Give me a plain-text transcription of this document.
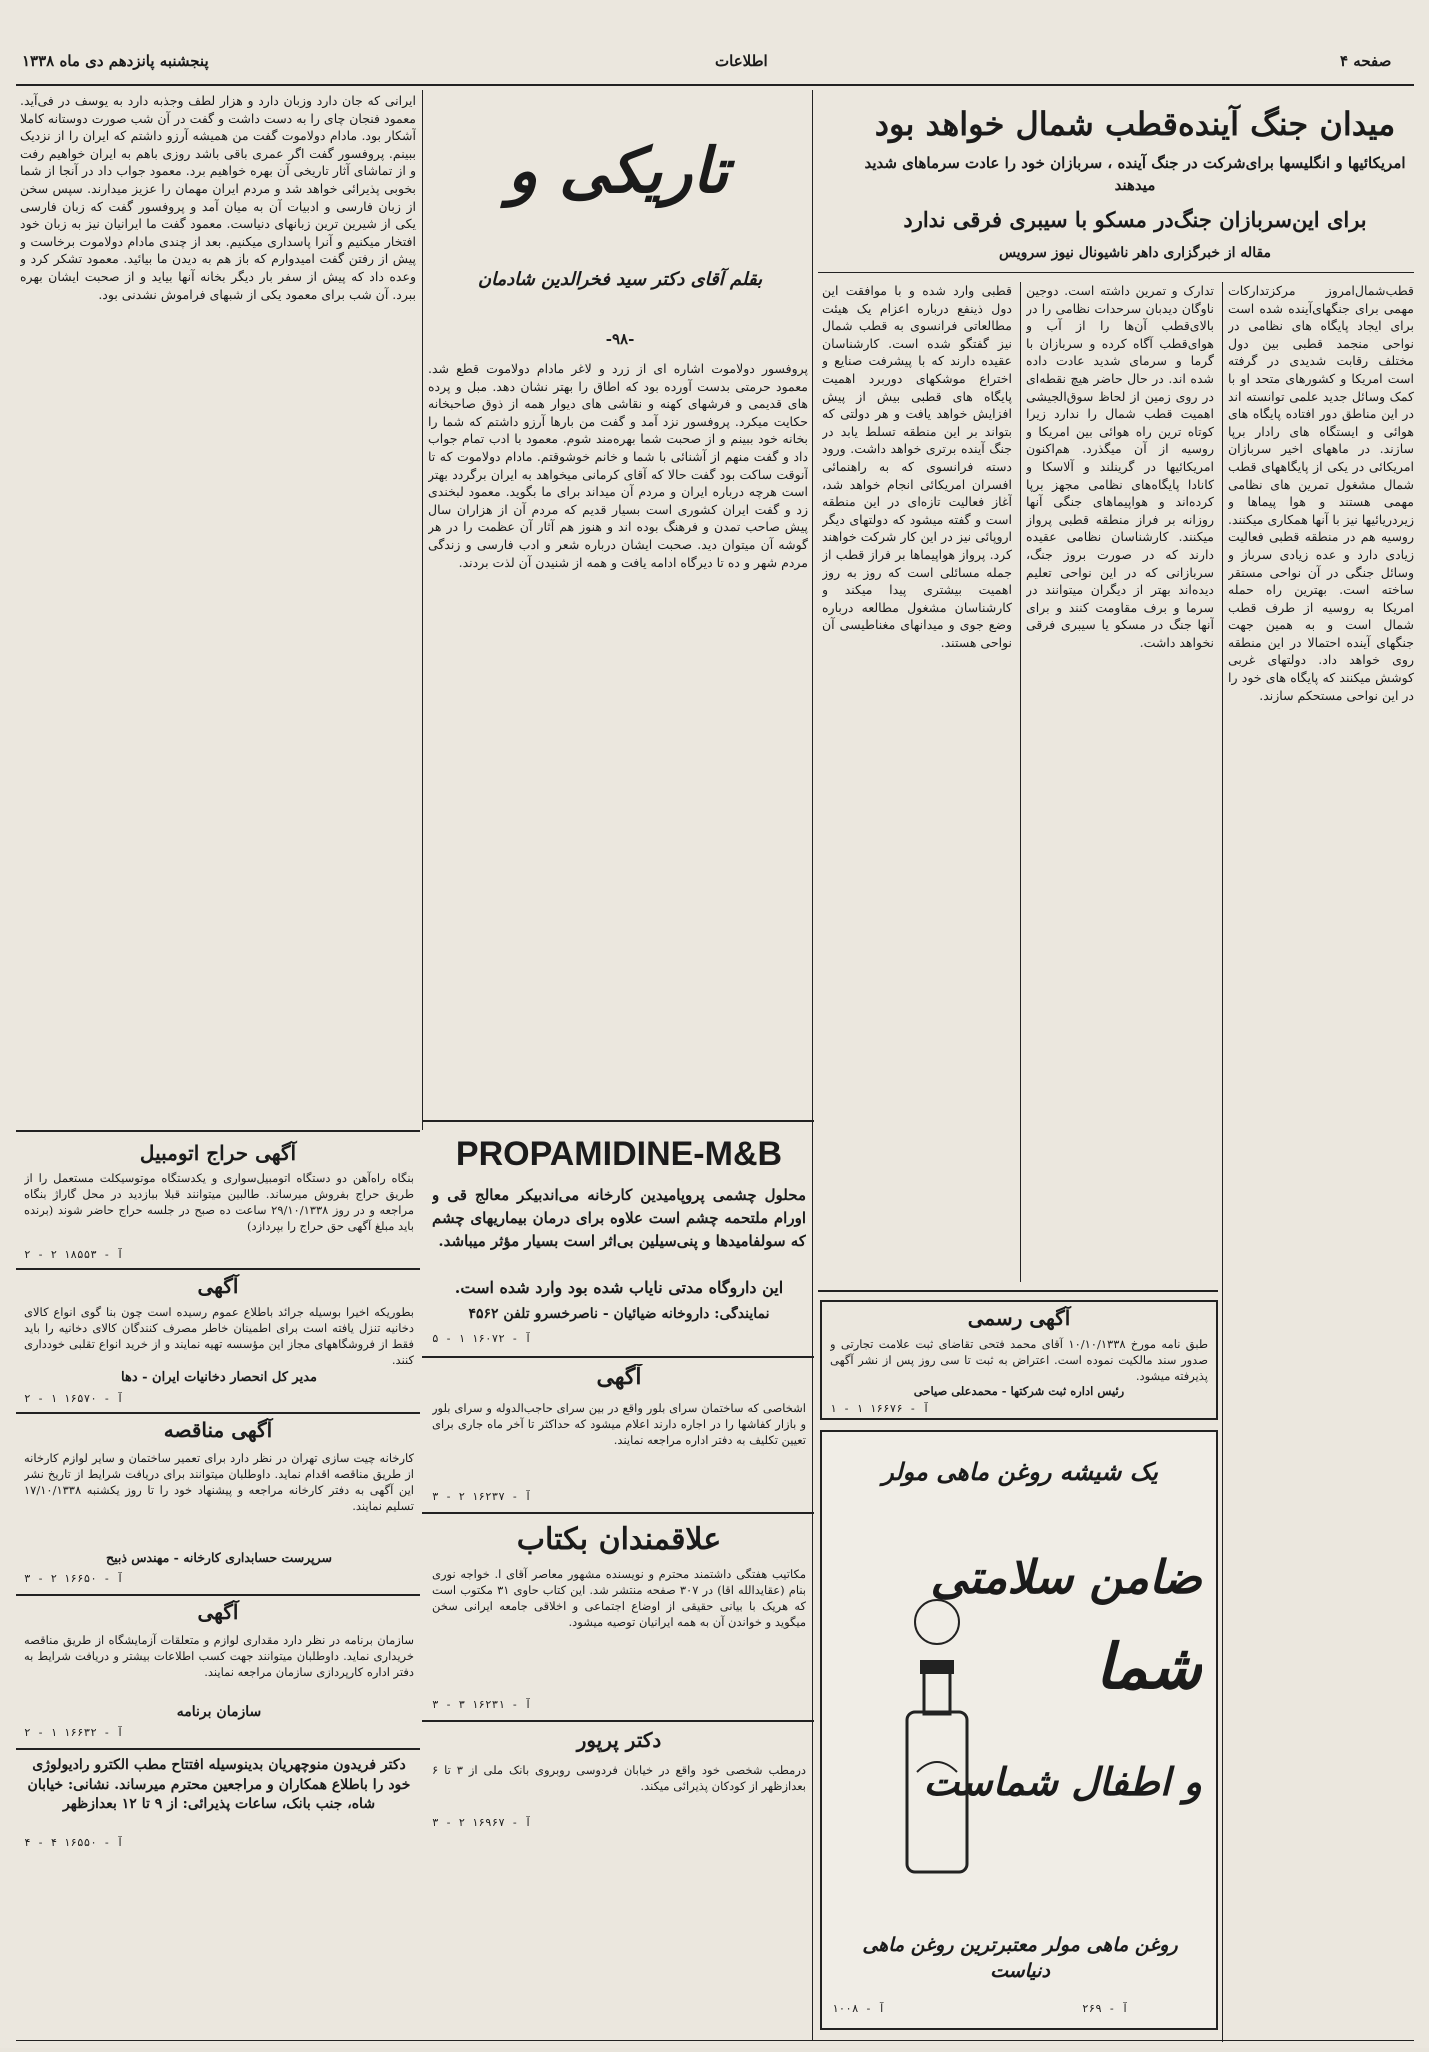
پنجشنبه پانزدهم دی ماه ۱۳۳۸	اطلاعات	صفحه ۴
میدان جنگ آینده‌قطب شمال خواهد بود
امریکائیها و انگلیسها برای‌شرکت در جنگ آینده ، سربازان خود را عادت سرماهای شدید میدهند
برای این‌سربازان جنگ‌در مسکو با سیبری فرقی ندارد
مقاله از خبرگزاری داهر ناشیونال نیوز سرویس
قطب‌شمال‌امروز مرکز‌تدارکات مهمی برای جنگهای‌آینده شده است برای ایجاد پایگاه های نظامی در نواحی منجمد قطبی بین دول مختلف رقابت شدیدی در گرفته است امریکا و کشورهای متحد او با کمک وسائل جدید علمی توانسته اند در این مناطق دور افتاده پایگاه های هوائی و ایستگاه های رادار برپا سازند. در ماههای اخیر سربازان امریکائی در یکی از پایگاههای قطب شمال مشغول تمرین های نظامی مهمی هستند و هوا پیماها و زیردریائیها نیز با آنها همکاری میکنند. روسیه هم در منطقه قطبی فعالیت زیادی دارد و عده زیادی سرباز و وسائل جنگی در آن نواحی مستقر ساخته است. بهترین راه حمله امریکا به روسیه از طرف قطب شمال است و به همین جهت جنگهای آینده احتمالا در این منطقه روی خواهد داد. دولتهای غربی کوشش میکنند که پایگاه های خود را در این نواحی مستحکم سازند.
تدارک و تمرین داشته است. دوجین ناوگان دیدبان سرحدات نظامی را در بالای‌قطب آن‌ها را از آب و هوای‌قطب آگاه کرده و سربازان با گرما و سرمای شدید عادت داده شده اند. در حال حاضر هیچ نقطه‌ای در روی زمین از لحاظ سوق‌الجیشی اهمیت قطب شمال را ندارد زیرا کوتاه ترین راه هوائی بین امریکا و روسیه از آن میگذرد. هم‌اکنون امریکائیها در گرینلند و آلاسکا و کانادا پایگاه‌های نظامی مجهز برپا کرده‌اند و هواپیماهای جنگی آنها روزانه بر فراز منطقه قطبی پرواز میکنند. کارشناسان نظامی عقیده دارند که در صورت بروز جنگ، سربازانی که در این نواحی تعلیم دیده‌اند بهتر از دیگران میتوانند در سرما و برف مقاومت کنند و برای آنها جنگ در مسکو یا سیبری فرقی نخواهد داشت.
قطبی وارد شده و با موافقت این دول ذینفع درباره اعزام یک هیئت مطالعاتی فرانسوی به قطب شمال نیز گفتگو شده است. کارشناسان عقیده دارند که با پیشرفت صنایع و اختراع موشکهای دوربرد اهمیت پایگاه های قطبی بیش از پیش افزایش خواهد یافت و هر دولتی که بتواند بر این منطقه تسلط یابد در جنگ آینده برتری خواهد داشت. ورود دسته فرانسوی که به راهنمائی افسران امریکائی انجام خواهد شد، آغاز فعالیت تازه‌ای در این منطقه است و گفته میشود که دولتهای دیگر اروپائی نیز در این کار شرکت خواهند کرد. پرواز هواپیماها بر فراز قطب از جمله مسائلی است که روز به روز اهمیت بیشتری پیدا میکند و کارشناسان مشغول مطالعه درباره وضع جوی و میدانهای مغناطیسی آن نواحی هستند.
تاریکی و
بقلم آقای دکتر سید فخرالدین شادمان
-۹۸-
پروفسور دولاموت اشاره ای از زرد و لاغر مادام دولاموت قطع شد. معمود حرمتی بدست آورده بود که اطاق را بهتر نشان دهد. مبل و پرده های قدیمی و فرشهای کهنه و نقاشی های دیوار همه از ذوق صاحبخانه حکایت میکرد. پروفسور نزد آمد و گفت من بارها آرزو داشتم که شما را بخانه خود ببینم و از صحبت شما بهره‌مند شوم. معمود با ادب تمام جواب داد و گفت منهم از آشنائی با شما و خانم خوشوقتم. مادام دولاموت که تا آنوقت ساکت بود گفت حالا که آقای کرمانی میخواهد به ایران برگردد بهتر است هرچه درباره ایران و مردم آن میداند برای ما بگوید. معمود لبخندی زد و گفت ایران کشوری است بسیار قدیم که مردم آن از هزاران سال پیش صاحب تمدن و فرهنگ بوده اند و هنوز هم آثار آن عظمت را در هر گوشه آن میتوان دید. صحبت ایشان درباره شعر و ادب فارسی و زندگی مردم شهر و ده تا دیرگاه ادامه یافت و همه از شنیدن آن لذت بردند.
ایرانی که جان دارد وزبان دارد و هزار لطف وجذبه دارد به یوسف در فی‌آید. معمود فنجان چای را به دست داشت و گفت در آن شب صورت دوستانه کاملا آشکار بود. مادام دولاموت گفت من همیشه آرزو داشتم که ایران را از نزدیک ببینم. پروفسور گفت اگر عمری باقی باشد روزی باهم به ایران خواهیم رفت و از تماشای آثار تاریخی آن بهره خواهیم برد. معمود جواب داد در آنجا از شما بخوبی پذیرائی خواهد شد و مردم ایران مهمان را عزیز میدارند. سپس سخن از زبان فارسی و ادبیات آن به میان آمد و پروفسور گفت که زبان فارسی یکی از شیرین ترین زبانهای دنیاست. معمود گفت ما ایرانیان نیز به زبان خود افتخار میکنیم و آنرا پاسداری میکنیم. بعد از چندی مادام دولاموت برخاست و پیش از رفتن گفت امیدوارم که باز هم به دیدن ما بیائید. معمود تشکر کرد و وعده داد که پیش از سفر بار دیگر بخانه آنها بیاید و از صحبت ایشان بهره ببرد. آن شب برای معمود یکی از شبهای فراموش نشدنی بود.
آگهی حراج اتومبیل
بنگاه راه‌آهن دو دستگاه اتومبیل‌سواری و یکدستگاه موتوسیکلت مستعمل را از طریق حراج بفروش میرساند. طالبین میتوانند قبلا ببازدید در محل گاراژ بنگاه مراجعه و در روز ۲۹/۱۰/۱۳۳۸ ساعت ده صبح در جلسه حراج حاضر شوند (برنده باید مبلغ آگهی حق حراج را بپردازد)
آ - ۱۸۵۵۳ ۲ - ۲
آگهی
بطوریکه اخیرا بوسیله جرائد باطلاع عموم رسیده است چون بنا گوی انواع کالای دخانیه تنزل یافته است برای اطمینان خاطر مصرف کنندگان کالای دخانیه را باید فقط از فروشگاههای مجاز این مؤسسه تهیه نمایند و از خرید انواع تقلبی خودداری کنند.
مدیر کل انحصار دخانیات ایران - دها
آ - ۱۶۵۷۰ ۱ - ۲
آگهی مناقصه
کارخانه چیت سازی تهران در نظر دارد برای تعمیر ساختمان و سایر لوازم کارخانه از طریق مناقصه اقدام نماید. داوطلبان میتوانند برای دریافت شرایط از تاریخ نشر این آگهی به دفتر کارخانه مراجعه و پیشنهاد خود را تا روز یکشنبه ۱۷/۱۰/۱۳۳۸ تسلیم نمایند.
سرپرست حسابداری کارخانه - مهندس ذبیح
آ - ۱۶۶۵۰ ۲ - ۳
آگهی
سازمان برنامه در نظر دارد مقداری لوازم و متعلقات آزمایشگاه از طریق مناقصه خریداری نماید. داوطلبان میتوانند جهت کسب اطلاعات بیشتر و دریافت شرایط به دفتر اداره کارپردازی سازمان مراجعه نمایند.
سازمان برنامه
آ - ۱۶۶۳۲ ۱ - ۲
دکتر فریدون منوچهریان بدینوسیله افتتاح مطب الکترو رادیولوژی خود را باطلاع همکاران و مراجعین محترم میرساند. نشانی: خیابان شاه، جنب بانک، ساعات پذیرائی: از ۹ تا ۱۲ بعدازظهر
آ - ۱۶۵۵۰ ۴ - ۴
PROPAMIDINE-M&B
محلول چشمی پروپامیدین کارخانه می‌اندبیکر معالج قی و اورام ملتحمه چشم است علاوه برای درمان بیماریهای چشم که سولفامیدها و پنی‌سیلین بی‌اثر است بسیار مؤثر میباشد.
این داروگاه مدتی نایاب شده بود وارد شده است.
نمایندگی: داروخانه ضیائیان - ناصرخسرو تلفن ۴۵۶۲
آ - ۱۶۰۷۲ ۱ - ۵
آگهی
اشخاصی که ساختمان سرای بلور واقع در بین سرای حاجب‌الدوله و سرای بلور و بازار کفاشها را در اجاره دارند اعلام میشود که حداکثر تا آخر ماه جاری برای تعیین تکلیف به دفتر اداره مراجعه نمایند.
آ - ۱۶۲۳۷ ۲ - ۳
علاقمندان بکتاب
مکاتیب هفتگی داشتمند محترم و نویسنده مشهور معاصر آقای ا. خواجه نوری بنام (عقایدالله اقا) در ۳۰۷ صفحه منتشر شد. این کتاب حاوی ۳۱ مکتوب است که هریک با بیانی حقیقی از اوضاع اجتماعی و اخلاقی جامعه ایرانی سخن میگوید و خواندن آن به همه ایرانیان توصیه میشود.
آ - ۱۶۲۳۱ ۳ - ۳
دکتر پرپور
درمطب شخصی خود واقع در خیابان فردوسی روبروی بانک ملی از ۳ تا ۶ بعدازظهر از کودکان پذیرائی میکند.
آ - ۱۶۹۶۷ ۲ - ۳
آگهی رسمی
طبق نامه مورخ ۱۰/۱۰/۱۳۳۸ آقای محمد فتحی تقاضای ثبت علامت تجارتی و صدور سند مالکیت نموده است. اعتراض به ثبت تا سی روز پس از نشر آگهی پذیرفته میشود.
رئیس اداره ثبت شرکتها - محمدعلی صیاحی
آ - ۱۶۶۷۶ ۱ - ۱
یک شیشه روغن ماهی مولر
ضامن سلامتی
شما
و اطفال شماست
روغن ماهی مولر معتبرترین روغن ماهی دنیاست
آ - ۱۰۰۸	آ - ۲۶۹
